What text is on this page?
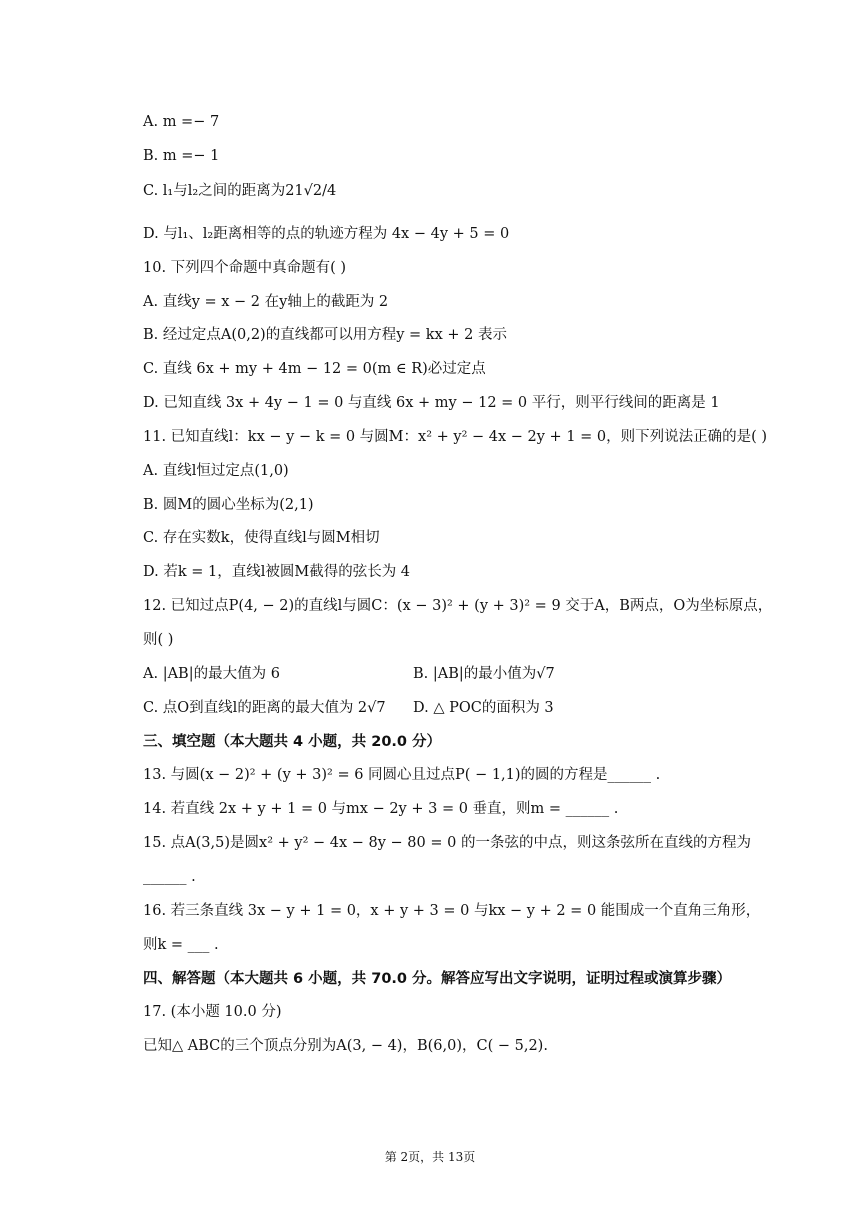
A. m =− 7
B. m =− 1
C. l₁与l₂之间的距离为21√2/4
D. 与l₁、l₂距离相等的点的轨迹方程为 4x − 4y + 5 = 0
10. 下列四个命题中真命题有( )
A. 直线y = x − 2 在y轴上的截距为 2
B. 经过定点A(0,2)的直线都可以用方程y = kx + 2 表示
C. 直线 6x + my + 4m − 12 = 0(m ∈ R)必过定点
D. 已知直线 3x + 4y − 1 = 0 与直线 6x + my − 12 = 0 平行，则平行线间的距离是 1
11. 已知直线l：kx − y − k = 0 与圆M：x² + y² − 4x − 2y + 1 = 0，则下列说法正确的是( )
A. 直线l恒过定点(1,0)
B. 圆M的圆心坐标为(2,1)
C. 存在实数k，使得直线l与圆M相切
D. 若k = 1，直线l被圆M截得的弦长为 4
12. 已知过点P(4, − 2)的直线l与圆C：(x − 3)² + (y + 3)² = 9 交于A，B两点，O为坐标原点，
则( )
A. |AB|的最大值为 6	B. |AB|的最小值为√7
C. 点O到直线l的距离的最大值为 2√7 D. △ POC的面积为 3
三、填空题（本大题共 4 小题，共 20.0 分）
13. 与圆(x − 2)² + (y + 3)² = 6 同圆心且过点P( − 1,1)的圆的方程是______ .
14. 若直线 2x + y + 1 = 0 与mx − 2y + 3 = 0 垂直，则m = ______ .
15. 点A(3,5)是圆x² + y² − 4x − 8y − 80 = 0 的一条弦的中点，则这条弦所在直线的方程为
______ .
16. 若三条直线 3x − y + 1 = 0，x + y + 3 = 0 与kx − y + 2 = 0 能围成一个直角三角形，
则k = ___ .
四、解答题（本大题共 6 小题，共 70.0 分。解答应写出文字说明，证明过程或演算步骤）
17. (本小题 10.0 分)
已知△ ABC的三个顶点分别为A(3, − 4)，B(6,0)，C( − 5,2).
第 2页，共 13页
